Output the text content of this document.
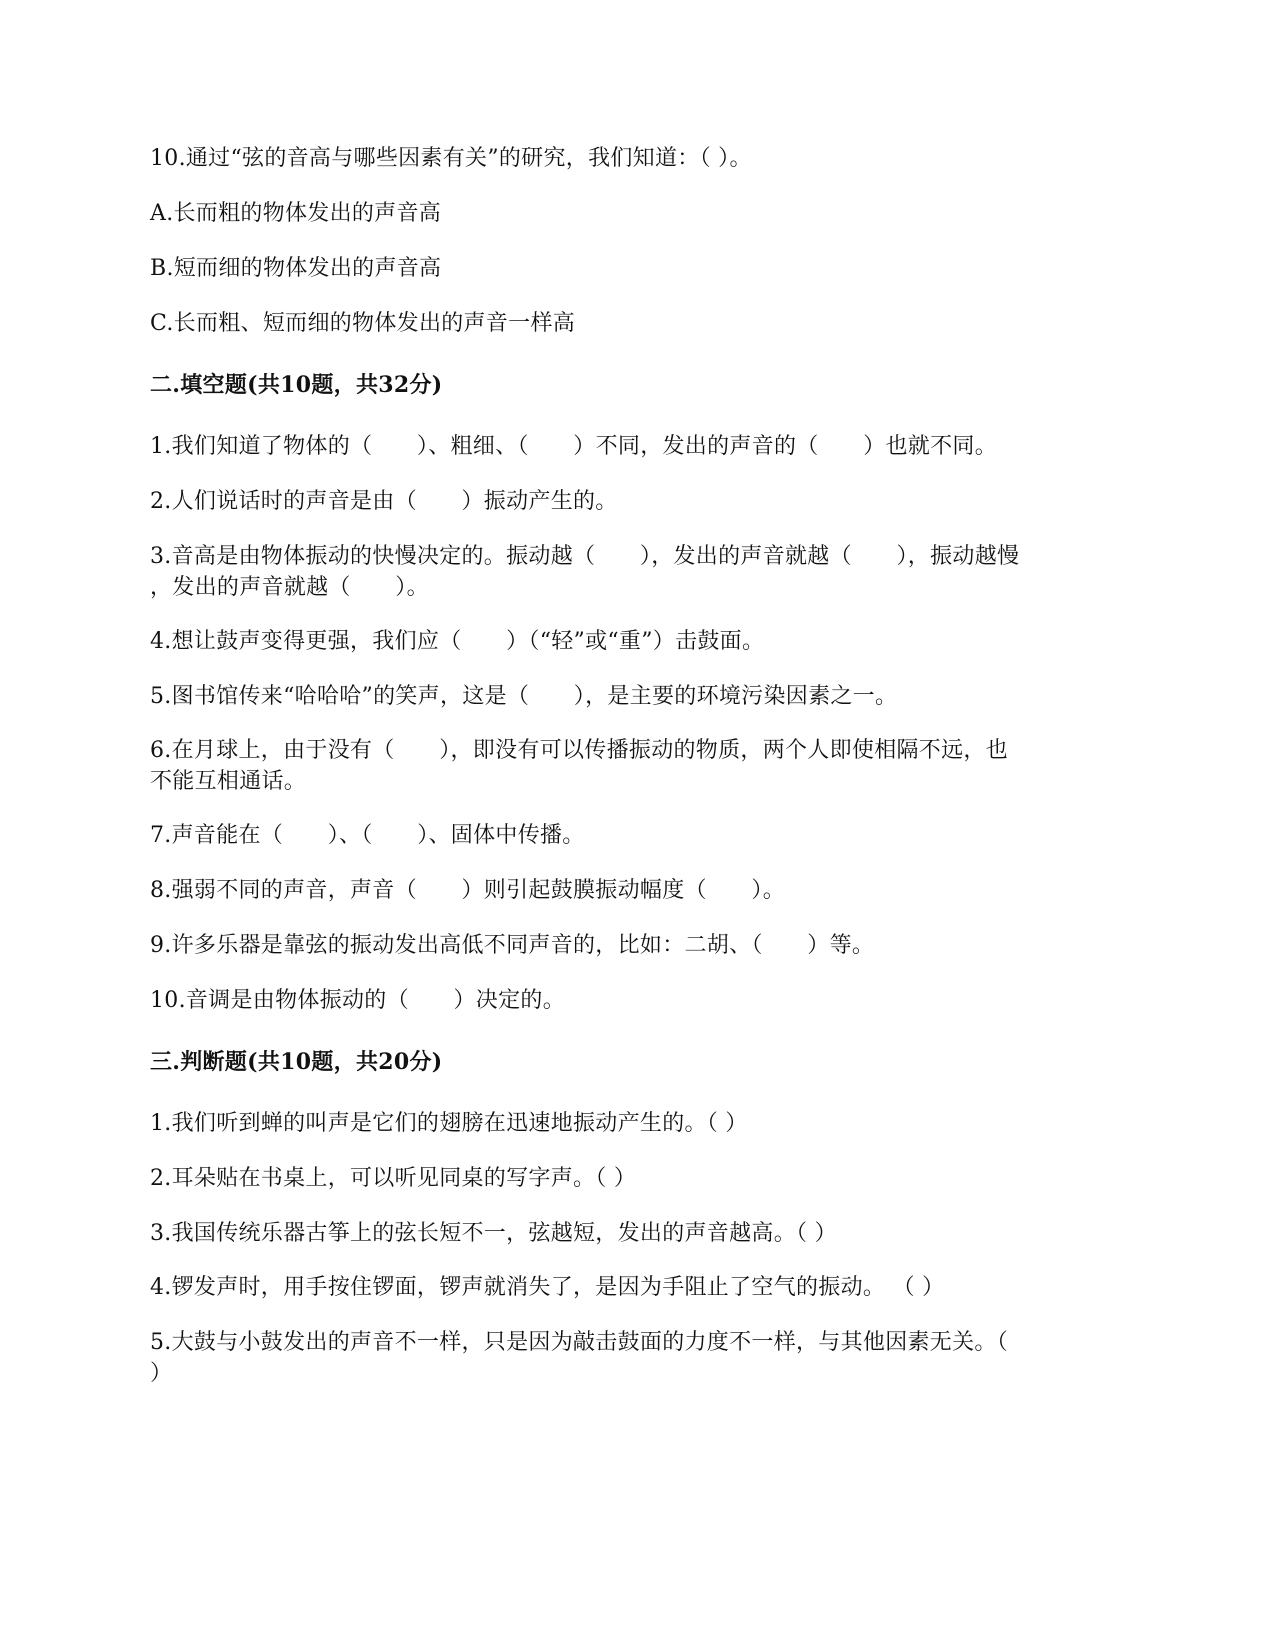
10.通过“弦的音高与哪些因素有关”的研究，我们知道：（ ）。
A.长而粗的物体发出的声音高
B.短而细的物体发出的声音高
C.长而粗、短而细的物体发出的声音一样高
二.填空题(共10题，共32分)
1.我们知道了物体的（　　）、粗细、（　　）不同，发出的声音的（　　）也就不同。
2.人们说话时的声音是由（　　）振动产生的。
3.音高是由物体振动的快慢决定的。振动越（　　），发出的声音就越（　　），振动越慢
，发出的声音就越（　　）。
4.想让鼓声变得更强，我们应（　　）（“轻”或“重”）击鼓面。
5.图书馆传来“哈哈哈”的笑声，这是（　　），是主要的环境污染因素之一。
6.在月球上，由于没有（　　），即没有可以传播振动的物质，两个人即使相隔不远，也
不能互相通话。
7.声音能在（　　）、（　　）、固体中传播。
8.强弱不同的声音，声音（　　）则引起鼓膜振动幅度（　　）。
9.许多乐器是靠弦的振动发出高低不同声音的，比如：二胡、（　　）等。
10.音调是由物体振动的（　　）决定的。
三.判断题(共10题，共20分)
1.我们听到蝉的叫声是它们的翅膀在迅速地振动产生的。（ ）
2.耳朵贴在书桌上，可以听见同桌的写字声。（ ）
3.我国传统乐器古筝上的弦长短不一，弦越短，发出的声音越高。（ ）
4.锣发声时，用手按住锣面，锣声就消失了，是因为手阻止了空气的振动。 （ ）
5.大鼓与小鼓发出的声音不一样，只是因为敲击鼓面的力度不一样，与其他因素无关。（
）
